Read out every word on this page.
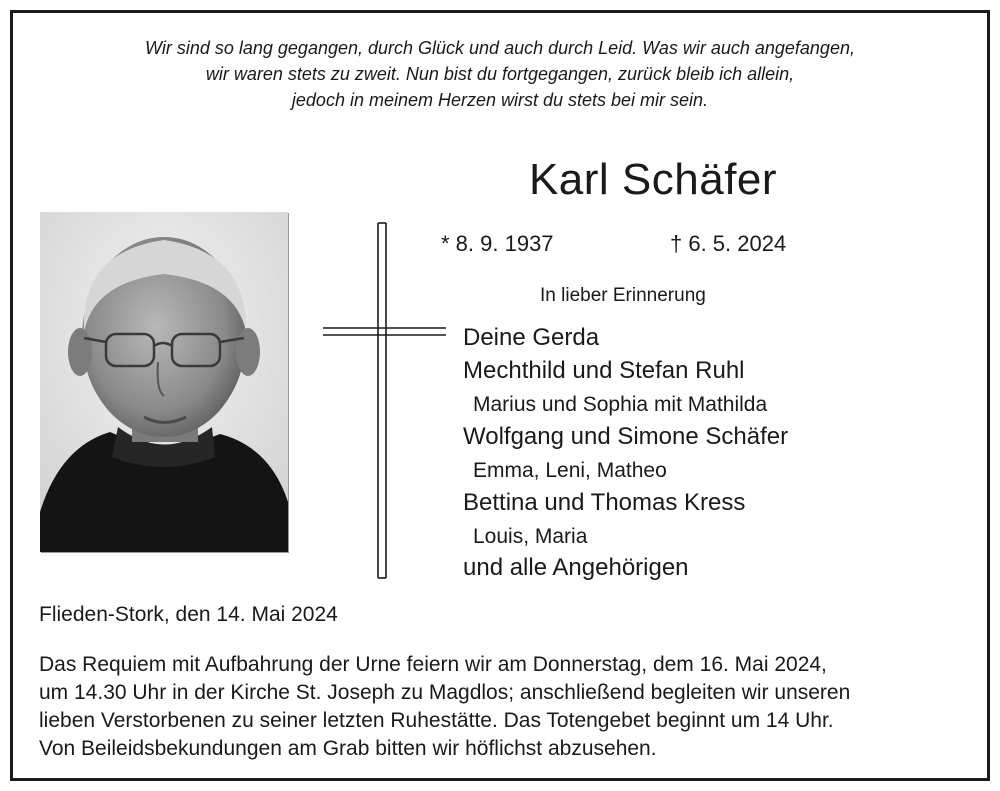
Wir sind so lang gegangen, durch Glück und auch durch Leid. Was wir auch angefangen,
wir waren stets zu zweit. Nun bist du fortgegangen, zurück bleib ich allein,
jedoch in meinem Herzen wirst du stets bei mir sein.
Karl Schäfer
* 8. 9. 1937	† 6. 5. 2024
In lieber Erinnerung
Deine Gerda
Mechthild und Stefan Ruhl
Marius und Sophia mit Mathilda
Wolfgang und Simone Schäfer
Emma, Leni, Matheo
Bettina und Thomas Kress
Louis, Maria
und alle Angehörigen
Flieden-Stork, den 14. Mai 2024
Das Requiem mit Aufbahrung der Urne feiern wir am Donnerstag, dem 16. Mai 2024,
um 14.30 Uhr in der Kirche St. Joseph zu Magdlos; anschließend begleiten wir unseren
lieben Verstorbenen zu seiner letzten Ruhestätte. Das Totengebet beginnt um 14 Uhr.
Von Beileidsbekundungen am Grab bitten wir höflichst abzusehen.
